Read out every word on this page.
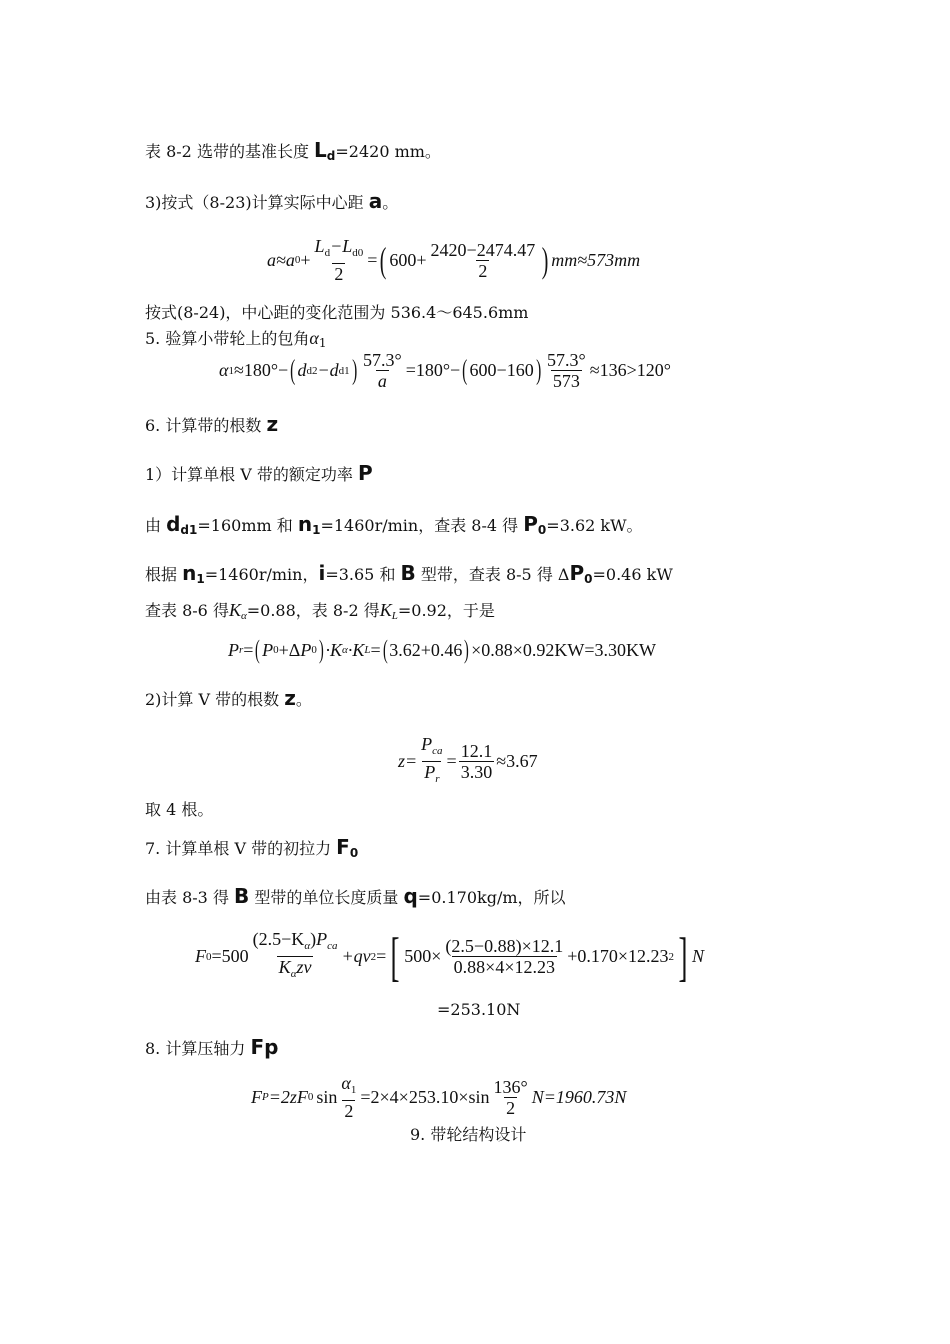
表 8-2 选带的基准长度 $L_d=2420$ mm。
3)按式（8-23)计算实际中心距 a。
a≈a $0 + \frac{L_d-L_{d0}}{2}$ = ( $600+ \frac{2420-2474.47}{2}$ ) mm≈573mm
按式(8-24)，中心距的变化范围为 536.4～645.6mm
5. 验算小带轮上的包角α1
α 1 ≈180°− ( d d2 −d d1 ) $\frac{57.3^\circ}{a} =180^\circ-$ ( 600−160 ) $\frac{57.3^\circ}{573} \approx 136>120^\circ$
6. 计算带的根数 z
1）计算单根 V 带的额定功率 P
由 $d_{d1}=160mm$ 和 $n_1=1460r/\min$，查表 8-4 得 $P_0=3.62$ kW。
根据 $n_1=1460r/\min$，i=3.65 和 B 型带，查表 8-5 得 $\Delta P_0=0.46$ kW
查表 8-6 得Kα=0.88，表 8-2 得KL=0.92，于是
P r = ( P 0 +Δ P 0 ) ·K α ·K L = ( 3.62+0.46 ) ×0.88×0.92KW=3.30KW
2)计算 V 带的根数 z。
$z= \frac{P_{ca}}{P_r} = \frac{12.1}{3.30} \approx 3.67$
取 4 根。
7. 计算单根 V 带的初拉力 $F_0$
由表 8-3 得 B 型带的单位长度质量 q=0.170kg/m，所以
F $0 =500 \frac{(2.5-K_\alpha)P_{ca}}{K_\alpha zv} +qv$ 2 = [ $500\times \frac{(2.5-0.88)\times 12.1}{0.88\times 4\times 12.23} +0.170\times 12.23$ 2 ] N
=253.10N
8. 计算压轴力 Fp
F P =2zF 0 $\sin \frac{\alpha_1}{2} =2\times 4\times 253.10\times\sin \frac{136^\circ}{2} N=1960.73N$
9. 带轮结构设计
